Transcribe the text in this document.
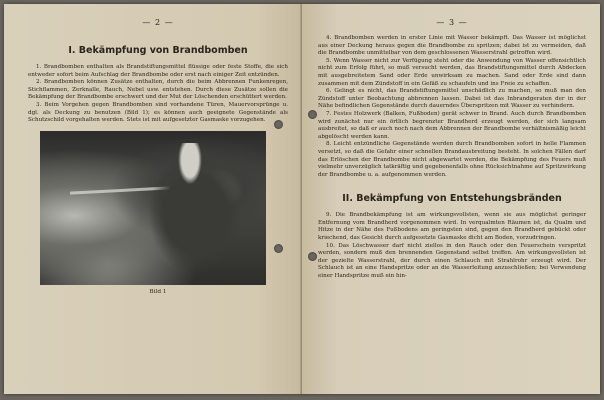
— 2 —
I. Bekämpfung von Brandbomben

1. Brandbomben enthalten als Brandstiftungsmittel flüssige oder feste Stoffe, die sich entweder sofort beim Aufschlag der Brandbombe oder erst nach einiger Zeit entzünden.

2. Brandbomben können Zusätze enthalten, durch die beim Abbrennen Funkenregen, Stichflammen, Zerknalle, Rauch, Nebel usw. entstehen. Durch diese Zusätze sollen die Bekämpfung der Brandbombe erschwert und der Mut der Löschenden erschüttert werden.

3. Beim Vorgehen gegen Brandbomben sind vorhandene Türen, Mauervorsprünge u. dgl. als Deckung zu benutzen (Bild 1); es können auch geeignete Gegenstände als Schutzschild vorgehalten werden. Stets ist mit aufgesetzter Gasmaske vorzugehen.

Bild 1
— 3 —

4. Brandbomben werden in erster Linie mit Wasser bekämpft. Das Wasser ist möglichst aus einer Deckung heraus gegen die Brandbombe zu spritzen; dabei ist zu vermeiden, daß die Brandbombe unmittelbar von dem geschlossenen Wasserstrahl getroffen wird.

5. Wenn Wasser nicht zur Verfügung steht oder die Anwendung von Wasser offensichtlich nicht zum Erfolg führt, so muß versucht werden, das Brandstiftungsmittel durch Abdecken mit ausgebreitetem Sand oder Erde unwirksam zu machen. Sand oder Erde sind dann zusammen mit dem Zündstoff in ein Gefäß zu schaufeln und ins Freie zu schaffen.

6. Gelingt es nicht, das Brandstiftungsmittel unschädlich zu machen, so muß man den Zündstoff unter Beobachtung abbrennen lassen. Dabei ist das Inbrandgeraten der in der Nähe befindlichen Gegenstände durch dauerndes Überspritzen mit Wasser zu verhindern.

7. Festes Holzwerk (Balken, Fußboden) gerät schwer in Brand. Auch durch Brandbomben wird zunächst nur ein örtlich begrenzter Brandherd erzeugt werden, der sich langsam ausbreitet, so daß er auch noch nach dem Abbrennen der Brandbombe verhältnismäßig leicht abgelöscht werden kann.

8. Leicht entzündliche Gegenstände werden durch Brandbomben sofort in helle Flammen versetzt, so daß die Gefahr einer schnellen Brandausbreitung besteht. In solchen Fällen darf das Erlöschen der Brandbombe nicht abgewartet werden, die Bekämpfung des Feuers muß vielmehr unverzüglich tatkräftig und gegebenenfalls ohne Rücksichtnahme auf Spritzwirkung der Brandbombe u. a. aufgenommen werden.

II. Bekämpfung von Entstehungsbränden

9. Die Brandbekämpfung ist am wirkungsvollsten, wenn sie aus möglichst geringer Entfernung vom Brandherd vorgenommen wird. In verqualmten Räumen ist, da Qualm und Hitze in der Nähe des Fußbodens am geringsten sind, gegen den Brandherd gebückt oder kriechend, das Gesicht durch aufgesetzte Gasmaske dicht am Boden, vorzudringen.

10. Das Löschwasser darf nicht ziellos in den Rauch oder den Feuerschein verspritzt werden, sondern muß den brennenden Gegenstand selbst treffen. Am wirkungsvollsten ist der gezielte Wasserstrahl, der durch einen Schlauch mit Strahlrohr erzeugt wird. Der Schlauch ist an eine Handspritze oder an die Wasserleitung anzuschließen; bei Verwendung einer Handspritze muß ein hin-
